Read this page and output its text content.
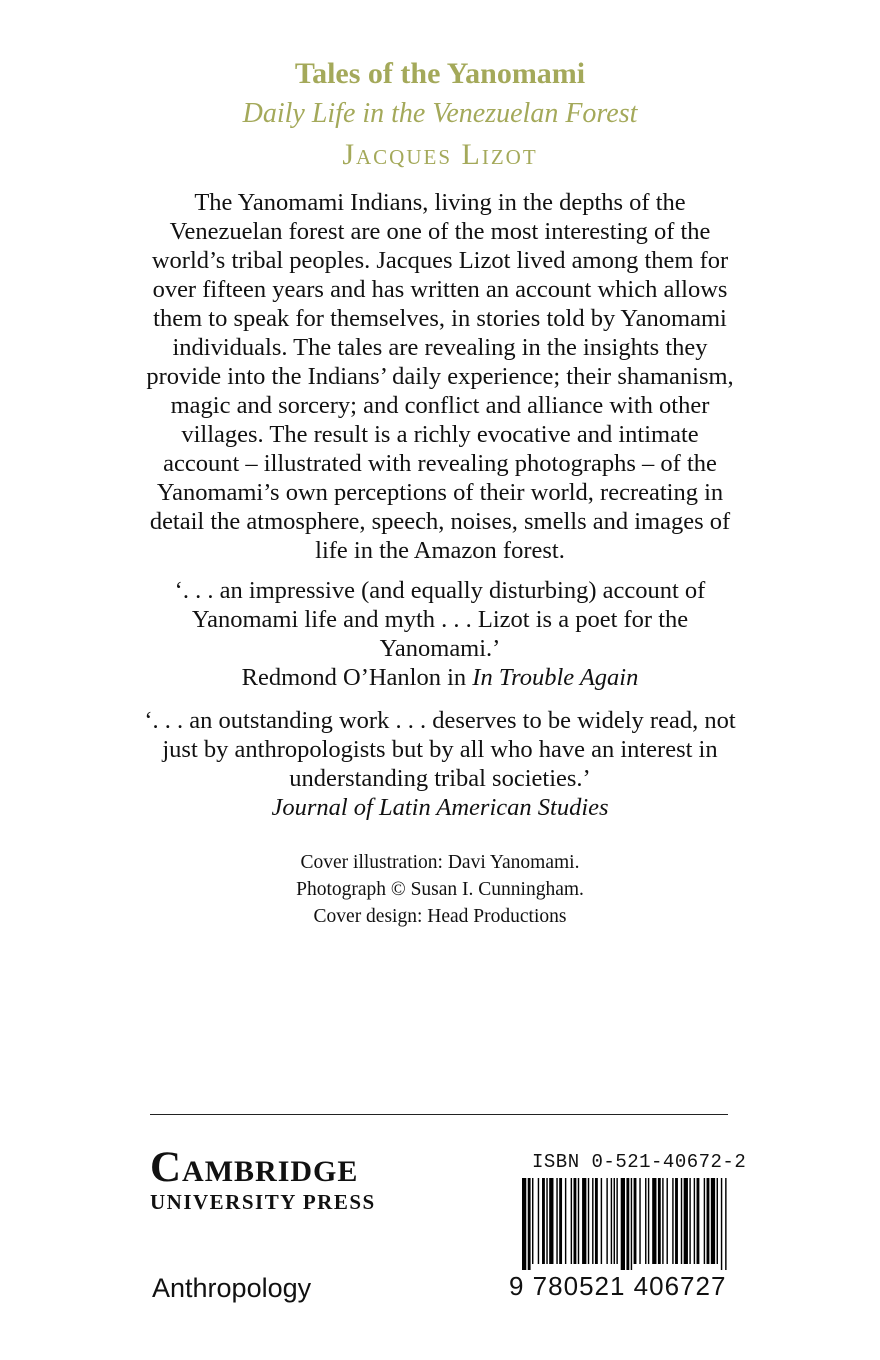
Tales of the Yanomami
Daily Life in the Venezuelan Forest
Jacques Lizot

The Yanomami Indians, living in the depths of the Venezuelan forest are one of the most interesting of the world’s tribal peoples. Jacques Lizot lived among them for over fifteen years and has written an account which allows them to speak for themselves, in stories told by Yanomami individuals. The tales are revealing in the insights they provide into the Indians’ daily experience; their shamanism, magic and sorcery; and conflict and alliance with other villages. The result is a richly evocative and intimate account – illustrated with revealing photographs – of the Yanomami’s own perceptions of their world, recreating in detail the atmosphere, speech, noises, smells and images of life in the Amazon forest.

‘. . . an impressive (and equally disturbing) account of Yanomami life and myth . . . Lizot is a poet for the Yanomami.’
Redmond O’Hanlon in In Trouble Again
‘. . . an outstanding work . . . deserves to be widely read, not just by anthropologists but by all who have an interest in understanding tribal societies.’
Journal of Latin American Studies
Cover illustration: Davi Yanomami.
Photograph © Susan I. Cunningham.
Cover design: Head Productions
Cambridge
UNIVERSITY PRESS
Anthropology
ISBN 0-521-40672-2
9 780521 406727
